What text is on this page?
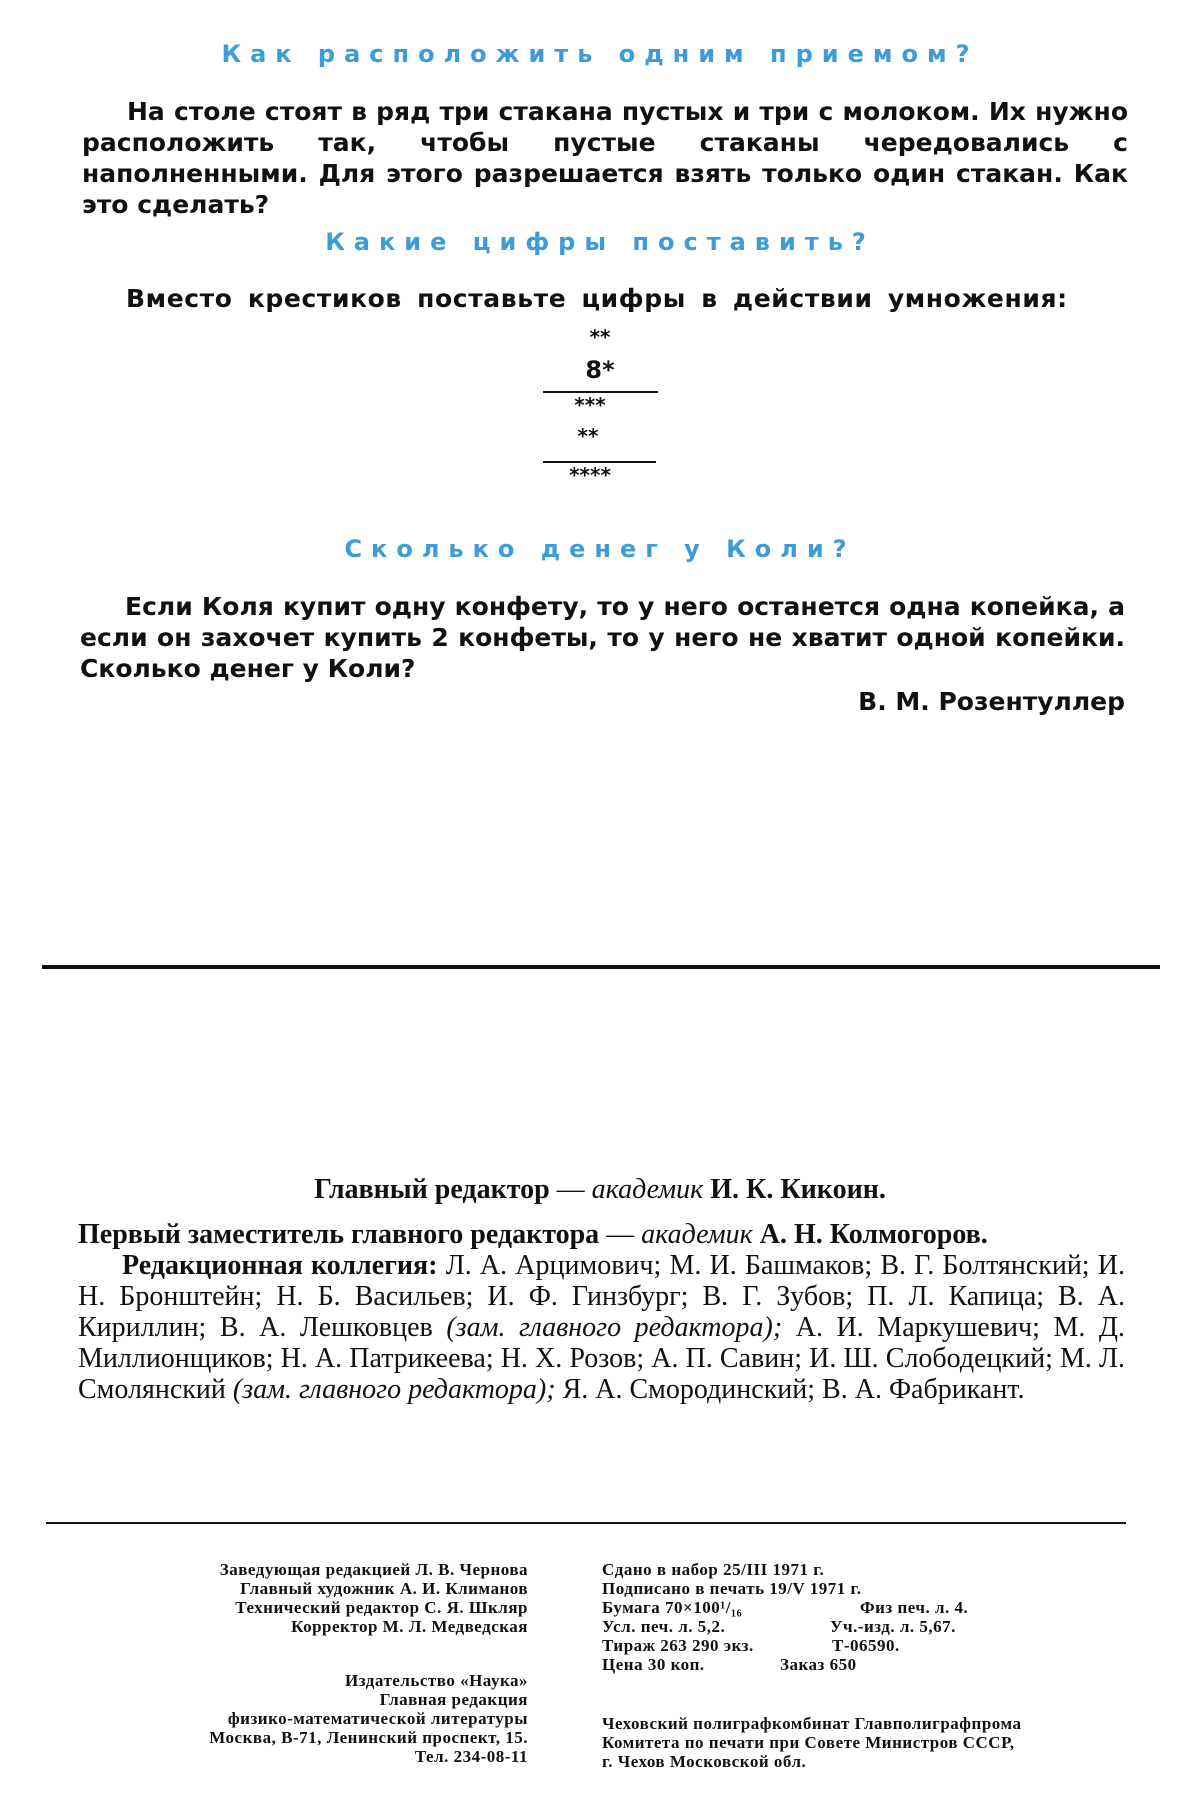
Как расположить одним приемом?

На столе стоят в ряд три стакана пустых и три с молоком. Их нужно расположить так, чтобы пустые стаканы чередовались с наполненными. Для этого разрешается взять только один стакан. Как это сделать?

Какие цифры поставить?
Вместо крестиков поставьте цифры в действии умножения:
**
8*
***
**
****
Сколько денег у Коли?

Если Коля купит одну конфету, то у него останется одна копейка, а если он захочет купить 2 конфеты, то у него не хватит одной копейки. Сколько денег у Коли?

В. М. Розентуллер
Главный редактор — академик И. К. Кикоин.

Первый заместитель главного редактора — академик А. Н. Колмогоров.

Редакционная коллегия: Л. А. Арцимович; М. И. Башмаков; В. Г. Болтянский; И. Н. Бронштейн; Н. Б. Васильев; И. Ф. Гинзбург; В. Г. Зубов; П. Л. Капица; В. А. Кириллин; В. А. Лешковцев (зам. главного редактора); А. И. Маркушевич; М. Д. Миллионщиков; Н. А. Патрикеева; Н. Х. Розов; А. П. Савин; И. Ш. Слободецкий; М. Л. Смолянский (зам. главного редактора); Я. А. Смородинский; В. А. Фабрикант.

Заведующая редакцией Л. В. Чернова
Главный художник А. И. Климанов
Технический редактор С. Я. Шкляр
Корректор М. Л. Медведская
Издательство «Наука»
Главная редакция
физико-математической литературы
Москва, В-71, Ленинский проспект, 15.
Тел. 234-08-11
Сдано в набор 25/III 1971 г.
Подписано в печать 19/V 1971 г.
Бумага 70×100¹/₁₆	Физ печ. л. 4.
Усл. печ. л. 5,2.	Уч.-изд. л. 5,67.
Тираж 263 290 экз.	Т-06590.
Цена 30 коп.	Заказ 650
Чеховский полиграфкомбинат Главполиграфпрома
Комитета по печати при Совете Министров СССР,
г. Чехов Московской обл.
